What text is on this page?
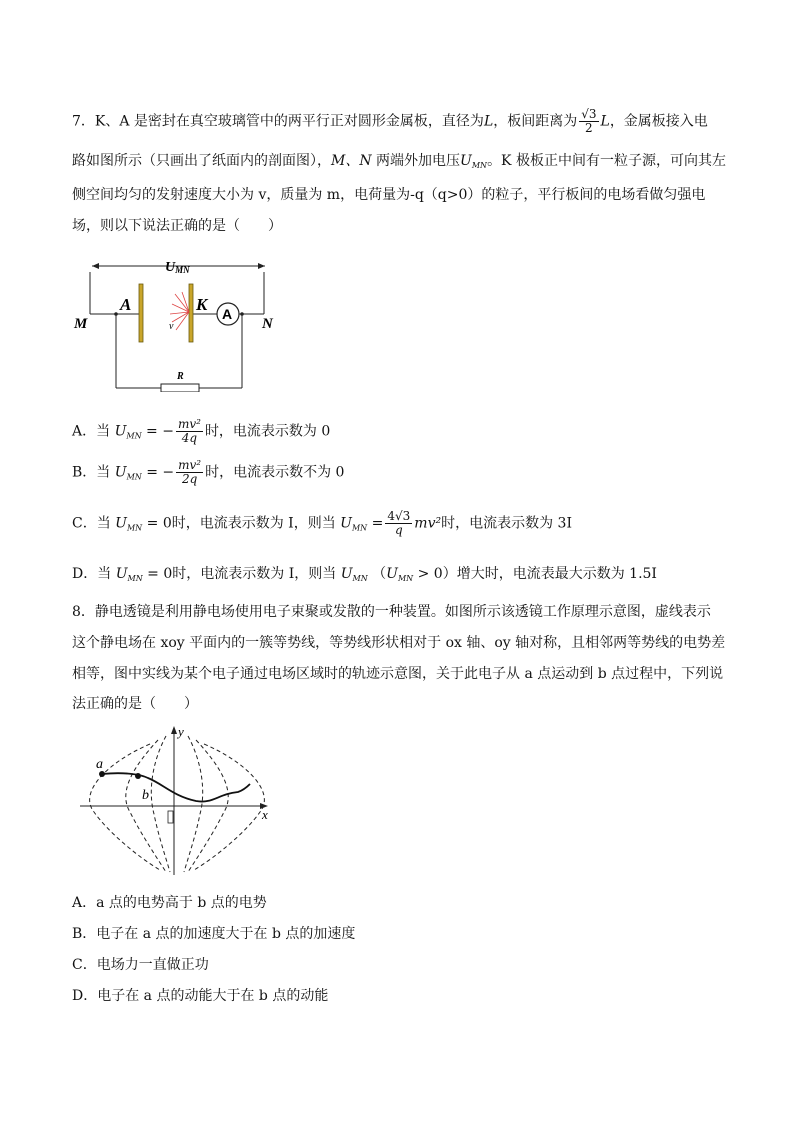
7．K、A 是密封在真空玻璃管中的两平行正对圆形金属板，直径为L，板间距离为 $\frac{√3}{2}$ L，金属板接入电
路如图所示（只画出了纸面内的剖面图），M、N 两端外加电压$U_{MN}$。K 极板正中间有一粒子源，可向其左
侧空间均匀的发射速度大小为 v，质量为 m，电荷量为-q（q>0）的粒子，平行板间的电场看做匀强电
场，则以下说法正确的是（　　）
UMN
v
A	K
M	N
A
R
A．当 $U_{MN}$ = − $\frac{\text{mv²}}{4q}$ 时，电流表示数为 0
B．当 $U_{MN}$ = − $\frac{\text{mv²}}{2q}$ 时，电流表示数不为 0
C．当 $U_{MN} = 0$时，电流表示数为 I，则当 $U_{MN} = \frac{4√3}{q} mv^2$时，电流表示数为 3I
D．当 $U_{MN} = 0$时，电流表示数为 I，则当 $U_{MN}$ $(U_{MN} > 0)$增大时，电流表最大示数为 1.5I
8．静电透镜是利用静电场使用电子束聚或发散的一种装置。如图所示该透镜工作原理示意图，虚线表示
这个静电场在 xoy 平面内的一簇等势线，等势线形状相对于 ox 轴、oy 轴对称，且相邻两等势线的电势差
相等，图中实线为某个电子通过电场区域时的轨迹示意图，关于此电子从 a 点运动到 b 点过程中，下列说
法正确的是（　　）
x
y
a
b
A．a 点的电势高于 b 点的电势
B．电子在 a 点的加速度大于在 b 点的加速度
C．电场力一直做正功
D．电子在 a 点的动能大于在 b 点的动能
